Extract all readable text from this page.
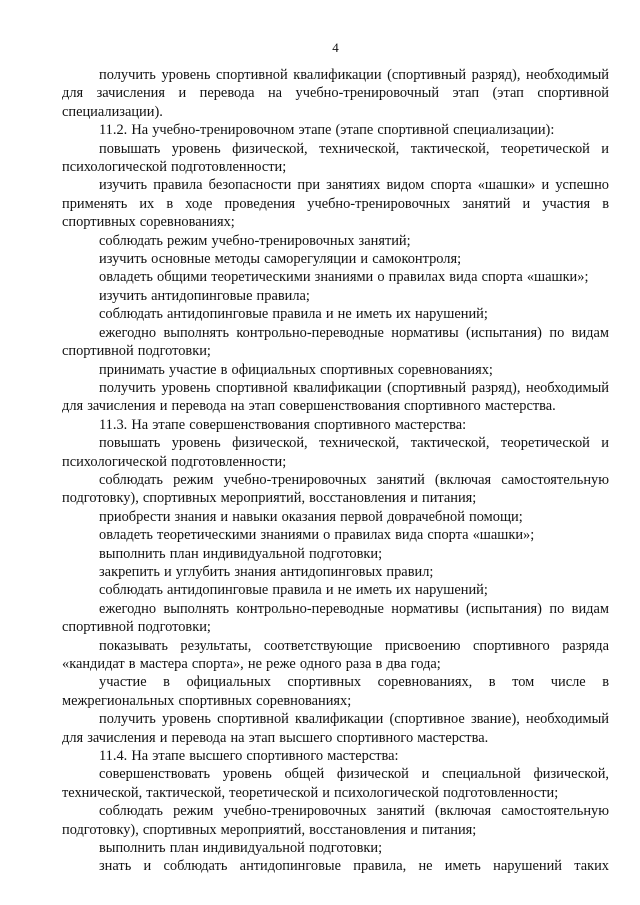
4

получить уровень спортивной квалификации (спортивный разряд), необходимый для зачисления и перевода на учебно-тренировочный этап (этап спортивной специализации).

11.2. На учебно-тренировочном этапе (этапе спортивной специализации):

повышать уровень физической, технической, тактической, теоретической и психологической подготовленности;

изучить правила безопасности при занятиях видом спорта «шашки» и успешно применять их в ходе проведения учебно-тренировочных занятий и участия в спортивных соревнованиях;

соблюдать режим учебно-тренировочных занятий;

изучить основные методы саморегуляции и самоконтроля;

овладеть общими теоретическими знаниями о правилах вида спорта «шашки»;

изучить антидопинговые правила;

соблюдать антидопинговые правила и не иметь их нарушений;

ежегодно выполнять контрольно-переводные нормативы (испытания) по видам спортивной подготовки;

принимать участие в официальных спортивных соревнованиях;

получить уровень спортивной квалификации (спортивный разряд), необходимый для зачисления и перевода на этап совершенствования спортивного мастерства.

11.3. На этапе совершенствования спортивного мастерства:

повышать уровень физической, технической, тактической, теоретической и психологической подготовленности;

соблюдать режим учебно-тренировочных занятий (включая самостоятельную подготовку), спортивных мероприятий, восстановления и питания;

приобрести знания и навыки оказания первой доврачебной помощи;

овладеть теоретическими знаниями о правилах вида спорта «шашки»;

выполнить план индивидуальной подготовки;

закрепить и углубить знания антидопинговых правил;

соблюдать антидопинговые правила и не иметь их нарушений;

ежегодно выполнять контрольно-переводные нормативы (испытания) по видам спортивной подготовки;

показывать результаты, соответствующие присвоению спортивного разряда «кандидат в мастера спорта», не реже одного раза в два года;

участие в официальных спортивных соревнованиях, в том числе в межрегиональных спортивных соревнованиях;

получить уровень спортивной квалификации (спортивное звание), необходимый для зачисления и перевода на этап высшего спортивного мастерства.

11.4. На этапе высшего спортивного мастерства:

совершенствовать уровень общей физической и специальной физической, технической, тактической, теоретической и психологической подготовленности;

соблюдать режим учебно-тренировочных занятий (включая самостоятельную подготовку), спортивных мероприятий, восстановления и питания;

выполнить план индивидуальной подготовки;

знать и соблюдать антидопинговые правила, не иметь нарушений таких
